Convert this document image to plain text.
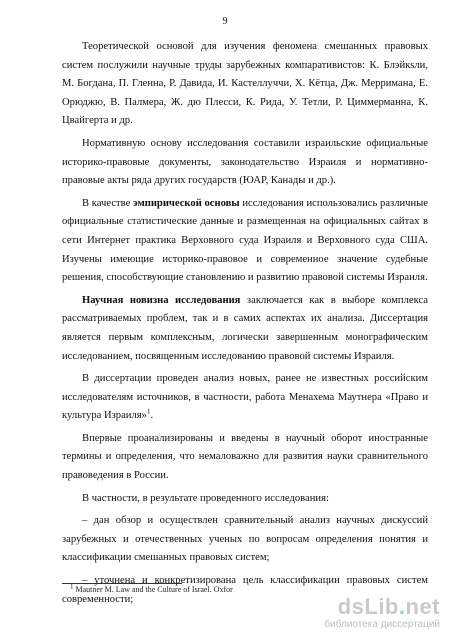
9

Теоретической основой для изучения феномена смешанных правовых систем послужили научные труды зарубежных компаративистов: К. Блэйкsли, М. Богдана, П. Гленна, Р. Давида, И. Кастеллуччи, Х. Кётца, Дж. Мерримана, Е. Орюджю, В. Палмера, Ж. дю Плесси, К. Рида, У. Тетли, Р. Циммерманна, К. Цвайгерта и др.

Нормативную основу исследования составили израильские официальные историко-правовые документы, законодательство Израиля и нормативно-правовые акты ряда других государств (ЮАР, Канады и др.).

В качестве эмпирической основы исследования использовались различные официальные статистические данные и размещенная на официальных сайтах в сети Интернет практика Верховного суда Израиля и Верховного суда США. Изучены имеющие историко-правовое и современное значение судебные решения, способствующие становлению и развитию правовой системы Израиля.

Научная новизна исследования заключается как в выборе комплекса рассматриваемых проблем, так и в самих аспектах их анализа. Диссертация является первым комплексным, логически завершенным монографическим исследованием, посвященным исследованию правовой системы Израиля.

В диссертации проведен анализ новых, ранее не известных российским исследователям источников, в частности, работа Менахема Маутнера «Право и культура Израиля»$^1$.

Впервые проанализированы и введены в научный оборот иностранные термины и определения, что немаловажно для развития науки сравнительного правоведения в России.

В частности, в результате проведенного исследования:

– дан обзор и осуществлен сравнительный анализ научных дискуссий зарубежных и отечественных ученых по вопросам определения понятия и классификации смешанных правовых систем;

– уточнена и конкретизирована цель классификации правовых систем современности;

$^1$ Mautner M. Law and the Culture of Israel. Oxfor
dsLib.net
библиотека диссертаций
